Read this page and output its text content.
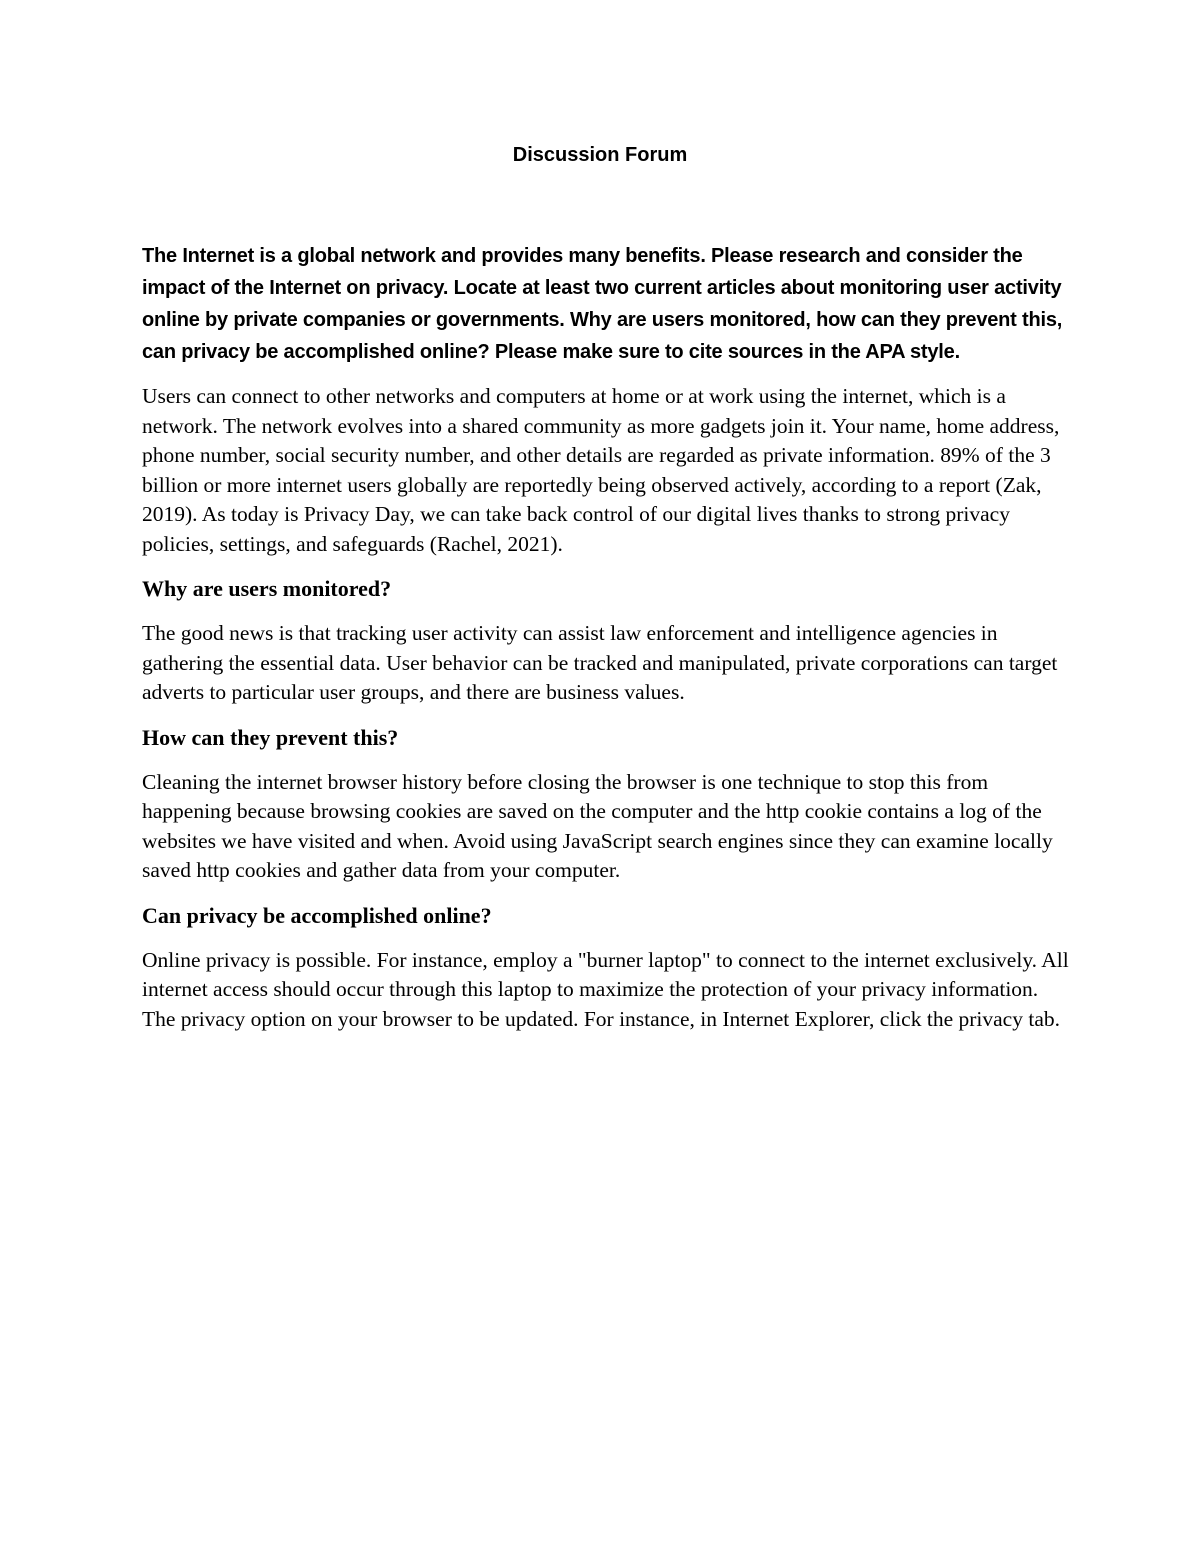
Discussion Forum

The Internet is a global network and provides many benefits. Please research and consider the impact of the Internet on privacy. Locate at least two current articles about monitoring user activity online by private companies or governments. Why are users monitored, how can they prevent this, can privacy be accomplished online? Please make sure to cite sources in the APA style.

Users can connect to other networks and computers at home or at work using the internet, which is a network. The network evolves into a shared community as more gadgets join it. Your name, home address, phone number, social security number, and other details are regarded as private information. 89% of the 3 billion or more internet users globally are reportedly being observed actively, according to a report (Zak, 2019). As today is Privacy Day, we can take back control of our digital lives thanks to strong privacy policies, settings, and safeguards (Rachel, 2021).

Why are users monitored?

The good news is that tracking user activity can assist law enforcement and intelligence agencies in gathering the essential data. User behavior can be tracked and manipulated, private corporations can target adverts to particular user groups, and there are business values.

How can they prevent this?

Cleaning the internet browser history before closing the browser is one technique to stop this from happening because browsing cookies are saved on the computer and the http cookie contains a log of the websites we have visited and when. Avoid using JavaScript search engines since they can examine locally saved http cookies and gather data from your computer.

Can privacy be accomplished online?

Online privacy is possible. For instance, employ a "burner laptop" to connect to the internet exclusively. All internet access should occur through this laptop to maximize the protection of your privacy information. The privacy option on your browser to be updated. For instance, in Internet Explorer, click the privacy tab.
